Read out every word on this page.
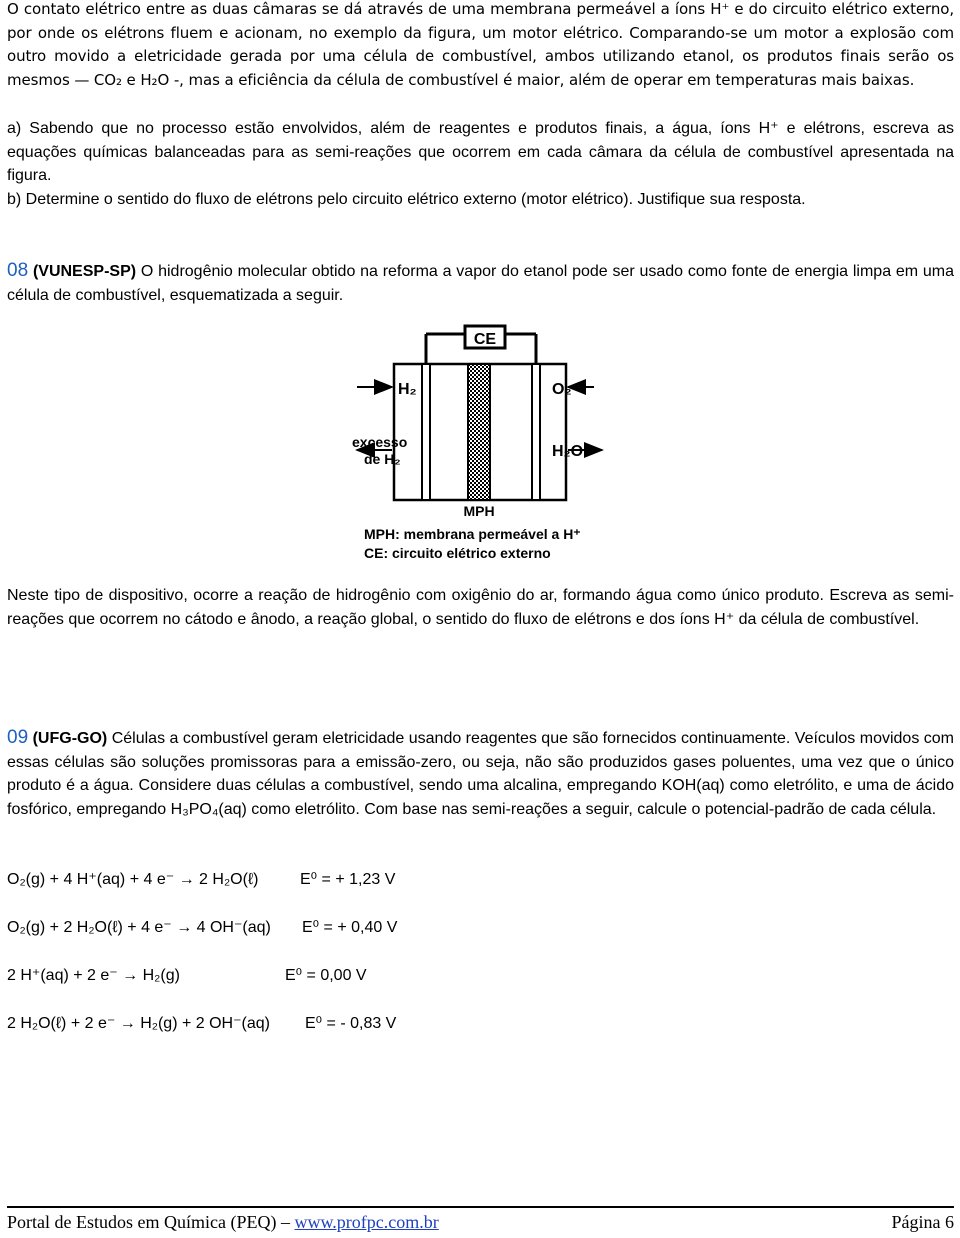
O contato elétrico entre as duas câmaras se dá através de uma membrana permeável a íons H⁺ e do circuito elétrico externo, por onde os elétrons fluem e acionam, no exemplo da figura, um motor elétrico. Comparando-se um motor a explosão com outro movido a eletricidade gerada por uma célula de combustível, ambos utilizando etanol, os produtos finais serão os mesmos — CO₂ e H₂O -, mas a eficiência da célula de combustível é maior, além de operar em temperaturas mais baixas.

a) Sabendo que no processo estão envolvidos, além de reagentes e produtos finais, a água, íons H⁺ e elétrons, escreva as equações químicas balanceadas para as semi-reações que ocorrem em cada câmara da célula de combustível apresentada na figura.

b) Determine o sentido do fluxo de elétrons pelo circuito elétrico externo (motor elétrico). Justifique sua resposta.

08 (VUNESP-SP) O hidrogênio molecular obtido na reforma a vapor do etanol pode ser usado como fonte de energia limpa em uma célula de combustível, esquematizada a seguir.

CE
H₂	O₂
excesso
de H₂	H₂O
MPH
MPH: membrana permeável a H⁺
CE: circuito elétrico externo

Neste tipo de dispositivo, ocorre a reação de hidrogênio com oxigênio do ar, formando água como único produto. Escreva as semi-reações que ocorrem no cátodo e ânodo, a reação global, o sentido do fluxo de elétrons e dos íons H⁺ da célula de combustível.

09 (UFG-GO) Células a combustível geram eletricidade usando reagentes que são fornecidos continuamente. Veículos movidos com essas células são soluções promissoras para a emissão-zero, ou seja, não são produzidos gases poluentes, uma vez que o único produto é a água. Considere duas células a combustível, sendo uma alcalina, empregando KOH(aq) como eletrólito, e uma de ácido fosfórico, empregando H₃PO₄(aq) como eletrólito. Com base nas semi-reações a seguir, calcule o potencial-padrão de cada célula.

O₂(g) + 4 H⁺(aq) + 4 e⁻ → 2 H₂O(ℓ)	E⁰ = + 1,23 V
O₂(g) + 2 H₂O(ℓ) + 4 e⁻ → 4 OH⁻(aq) E⁰ = + 0,40 V
2 H⁺(aq) + 2 e⁻ → H₂(g)	E⁰ = 0,00 V
2 H₂O(ℓ) + 2 e⁻ → H₂(g) + 2 OH⁻(aq) E⁰ = - 0,83 V
Portal de Estudos em Química (PEQ) – www.profpc.com.br	Página 6
